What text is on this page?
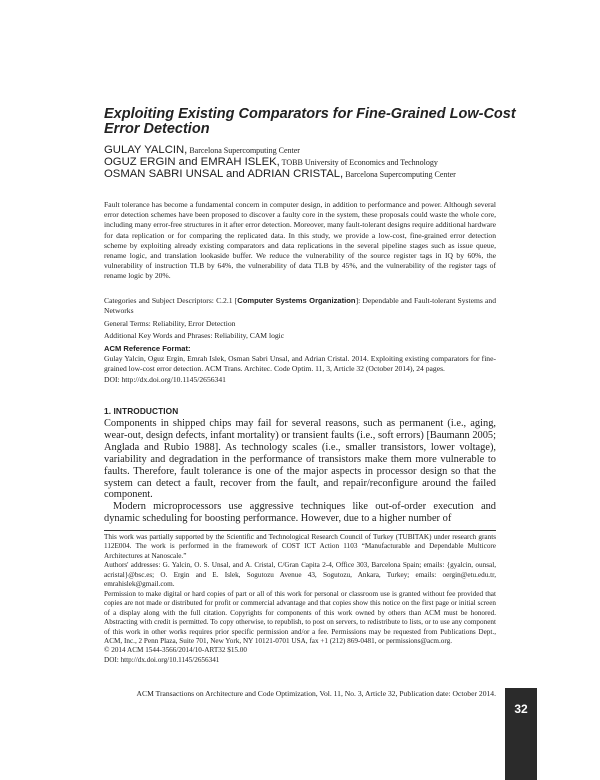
Exploiting Existing Comparators for Fine-Grained Low-Cost Error Detection
GULAY YALCIN, Barcelona Supercomputing Center
OGUZ ERGIN and EMRAH ISLEK, TOBB University of Economics and Technology
OSMAN SABRI UNSAL and ADRIAN CRISTAL, Barcelona Supercomputing Center

Fault tolerance has become a fundamental concern in computer design, in addition to performance and power. Although several error detection schemes have been proposed to discover a faulty core in the system, these proposals could waste the whole core, including many error-free structures in it after error detection. Moreover, many fault-tolerant designs require additional hardware for data replication or for comparing the replicated data. In this study, we provide a low-cost, fine-grained error detection scheme by exploiting already existing comparators and data replications in the several pipeline stages such as issue queue, rename logic, and translation lookaside buffer. We reduce the vulnerability of the source register tags in IQ by 60%, the vulnerability of instruction TLB by 64%, the vulnerability of data TLB by 45%, and the vulnerability of the register tags of rename logic by 20%.

Categories and Subject Descriptors: C.2.1 [Computer Systems Organization]: Dependable and Fault-tolerant Systems and Networks

General Terms: Reliability, Error Detection

Additional Key Words and Phrases: Reliability, CAM logic

ACM Reference Format:

Gulay Yalcin, Oguz Ergin, Emrah Islek, Osman Sabri Unsal, and Adrian Cristal. 2014. Exploiting existing comparators for fine-grained low-cost error detection. ACM Trans. Architec. Code Optim. 11, 3, Article 32 (October 2014), 24 pages.

DOI: http://dx.doi.org/10.1145/2656341

1. INTRODUCTION

Components in shipped chips may fail for several reasons, such as permanent (i.e., aging, wear-out, design defects, infant mortality) or transient faults (i.e., soft errors) [Baumann 2005; Anglada and Rubio 1988]. As technology scales (i.e., smaller transistors, lower voltage), variability and degradation in the performance of transistors make them more vulnerable to faults. Therefore, fault tolerance is one of the major aspects in processor design so that the system can detect a fault, recover from the fault, and repair/reconfigure around the failed component.

Modern microprocessors use aggressive techniques like out-of-order execution and dynamic scheduling for boosting performance. However, due to a higher number of

This work was partially supported by the Scientific and Technological Research Council of Turkey (TUBITAK) under research grants 112E004. The work is performed in the framework of COST ICT Action 1103 “Manufacturable and Dependable Multicore Architectures at Nanoscale.”

Authors' addresses: G. Yalcin, O. S. Unsal, and A. Cristal, C/Gran Capita 2-4, Office 303, Barcelona Spain; emails: {gyalcin, ounsal, acristal}@bsc.es; O. Ergin and E. Islek, Sogutozu Avenue 43, Sogutozu, Ankara, Turkey; emails: oergin@etu.edu.tr, emrahislek@gmail.com.

Permission to make digital or hard copies of part or all of this work for personal or classroom use is granted without fee provided that copies are not made or distributed for profit or commercial advantage and that copies show this notice on the first page or initial screen of a display along with the full citation. Copyrights for components of this work owned by others than ACM must be honored. Abstracting with credit is permitted. To copy otherwise, to republish, to post on servers, to redistribute to lists, or to use any component of this work in other works requires prior specific permission and/or a fee. Permissions may be requested from Publications Dept., ACM, Inc., 2 Penn Plaza, Suite 701, New York, NY 10121-0701 USA, fax +1 (212) 869-0481, or permissions@acm.org.

© 2014 ACM 1544-3566/2014/10-ART32 $15.00

DOI: http://dx.doi.org/10.1145/2656341

ACM Transactions on Architecture and Code Optimization, Vol. 11, No. 3, Article 32, Publication date: October 2014.
32
